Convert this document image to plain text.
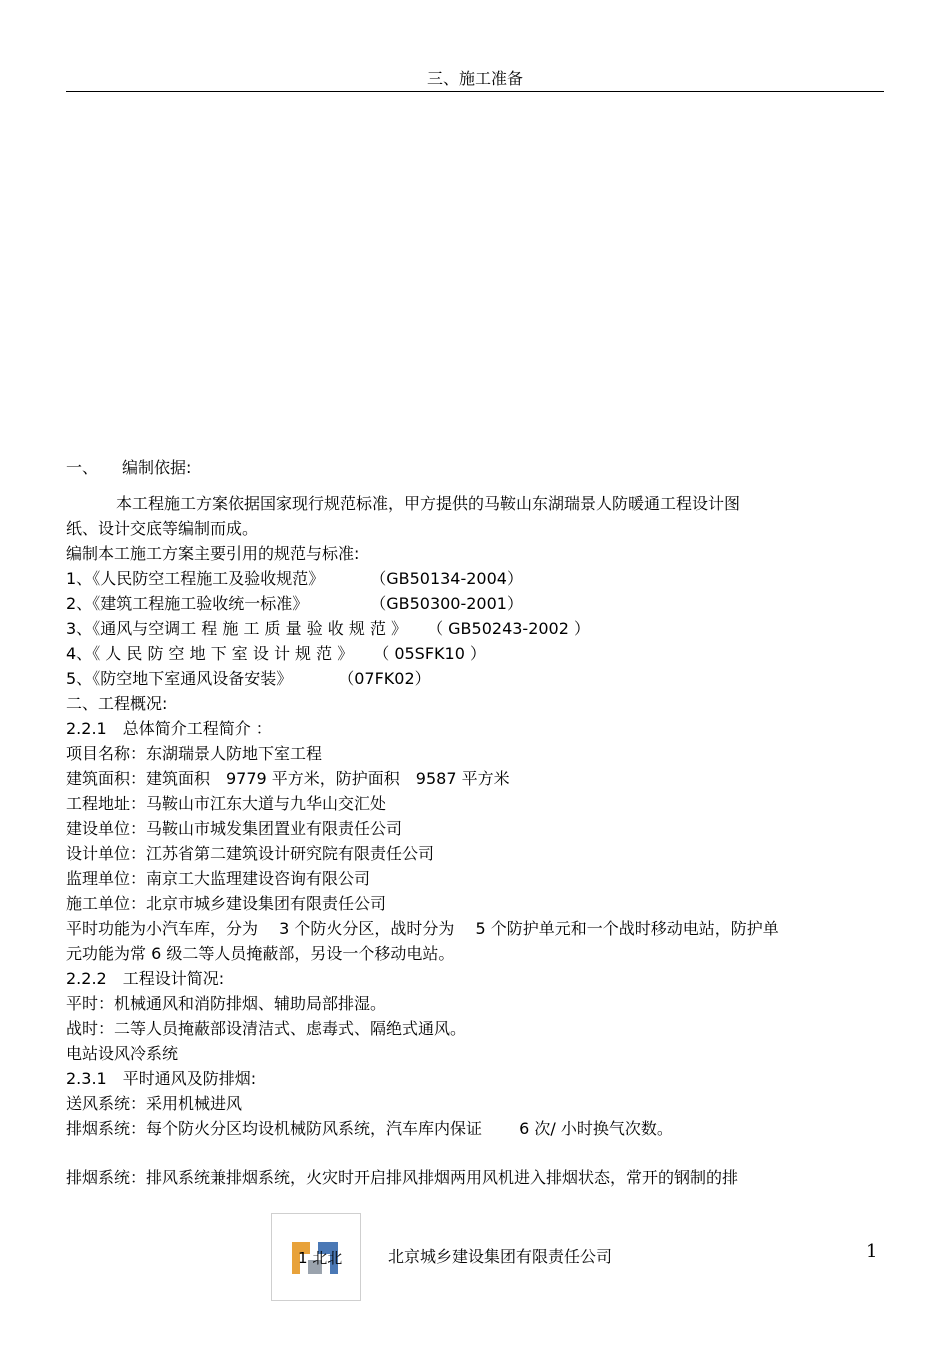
三、施工准备
一、 编制依据:
本工程施工方案依据国家现行规范标准，甲方提供的马鞍山东湖瑞景人防暖通工程设计图
纸、设计交底等编制而成。
编制本工施工方案主要引用的规范与标准:
1、《人民防空工程施工及验收规范》	（GB50134-2004）
2、《建筑工程施工验收统一标准》	（GB50300-2001）
3、《通风与空调工 程 施 工 质 量 验 收 规 范 》 （ GB50243-2002 ）
4、《 人 民 防 空 地 下 室 设 计 规 范 》 （ 05SFK10 ）
5、《防空地下室通风设备安装》	（07FK02）
二、工程概况:
2.2.1　总体简介工程简介 ：
项目名称：东湖瑞景人防地下室工程
建筑面积：建筑面积　9779 平方米，防护面积　9587 平方米
工程地址：马鞍山市江东大道与九华山交汇处
建设单位：马鞍山市城发集团置业有限责任公司
设计单位：江苏省第二建筑设计研究院有限责任公司
监理单位：南京工大监理建设咨询有限公司
施工单位：北京市城乡建设集团有限责任公司
平时功能为小汽车库，分为　 3 个防火分区，战时分为　 5 个防护单元和一个战时移动电站，防护单
元功能为常 6 级二等人员掩蔽部，另设一个移动电站。
2.2.2　工程设计简况:
平时：机械通风和消防排烟、辅助局部排湿。
战时：二等人员掩蔽部设清洁式、虑毒式、隔绝式通风。
电站设风冷系统
2.3.1　平时通风及防排烟:
送风系统：采用机械进风
排烟系统：每个防火分区均设机械防风系统，汽车库内保证　　 6 次/ 小时换气次数。
排烟系统：排风系统兼排烟系统，火灾时开启排风排烟两用风机进入排烟状态，常开的钢制的排
1 北北	北京城乡建设集团有限责任公司	1
